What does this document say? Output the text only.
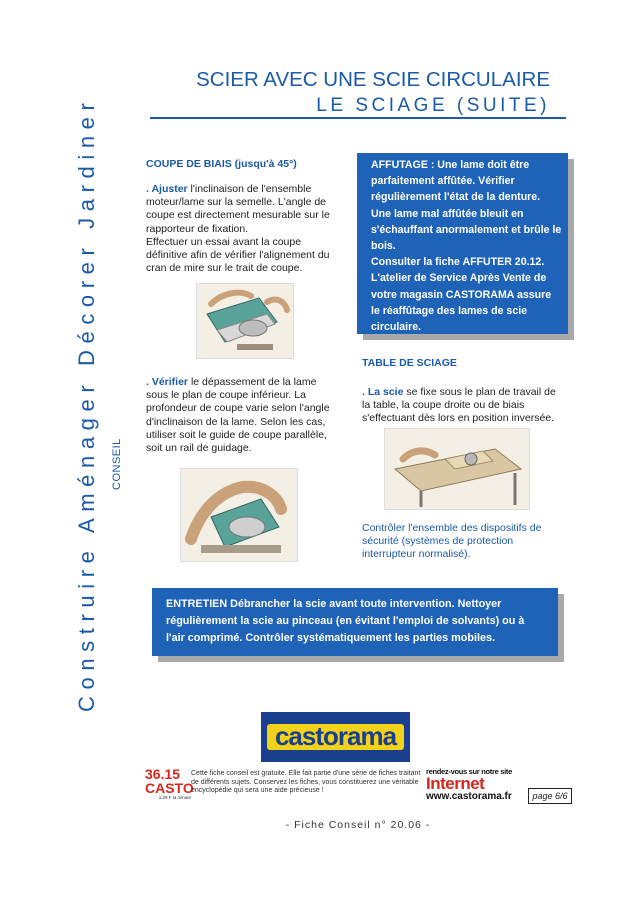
Construire Aménager Décorer Jardiner CONSEIL
SCIER AVEC UNE SCIE CIRCULAIRE
LE SCIAGE (SUITE)
COUPE DE BIAIS (jusqu'à 45°)
. Ajuster l'inclinaison de l'ensemble moteur/lame sur la semelle. L'angle de coupe est directement mesurable sur le rapporteur de fixation.
Effectuer un essai avant la coupe définitive afin de vérifier l'alignement du cran de mire sur le trait de coupe.
. Vérifier le dépassement de la lame sous le plan de coupe inférieur. La profondeur de coupe varie selon l'angle d'inclinaison de la lame. Selon les cas, utiliser soit le guide de coupe parallèle, soit un rail de guidage.
AFFUTAGE : Une lame doit être parfaitement affûtée. Vérifier régulièrement l'état de la denture. Une lame mal affûtée bleuit en s'échauffant anormalement et brûle le bois.
Consulter la fiche AFFUTER 20.12.
L'atelier de Service Après Vente de votre magasin CASTORAMA assure le réaffûtage des lames de scie circulaire.
TABLE DE SCIAGE
. La scie se fixe sous le plan de travail de la table, la coupe droite ou de biais s'effectuant dès lors en position inversée.
Contrôler l'ensemble des dispositifs de sécurité (systèmes de protection interrupteur normalisé).
ENTRETIEN Débrancher la scie avant toute intervention. Nettoyer régulièrement la scie au pinceau (en évitant l'emploi de solvants) ou à l'air comprimé. Contrôler systématiquement les parties mobiles.
castorama
36.15
CASTO
1,29 F la minute
Cette fiche conseil est gratuite. Elle fait partie d'une série de fiches traitant de différents sujets. Conservez les fiches, vous constituerez une véritable encyclopédie qui sera une aide précieuse !
rendez-vous sur notre site
Internet
www.castorama.fr	page 6/6
- Fiche Conseil n° 20.06 -
